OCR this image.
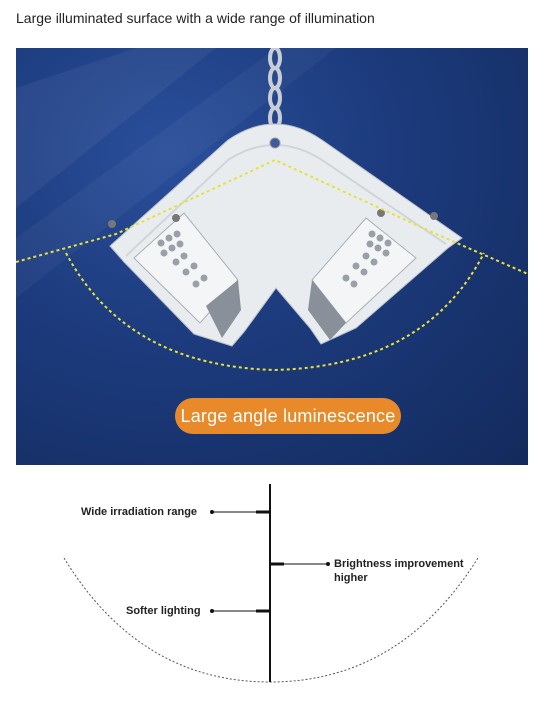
Large illuminated surface with a wide range of illumination
Large angle luminescence
Wide irradiation range
Brightness improvement
higher
Softer lighting
